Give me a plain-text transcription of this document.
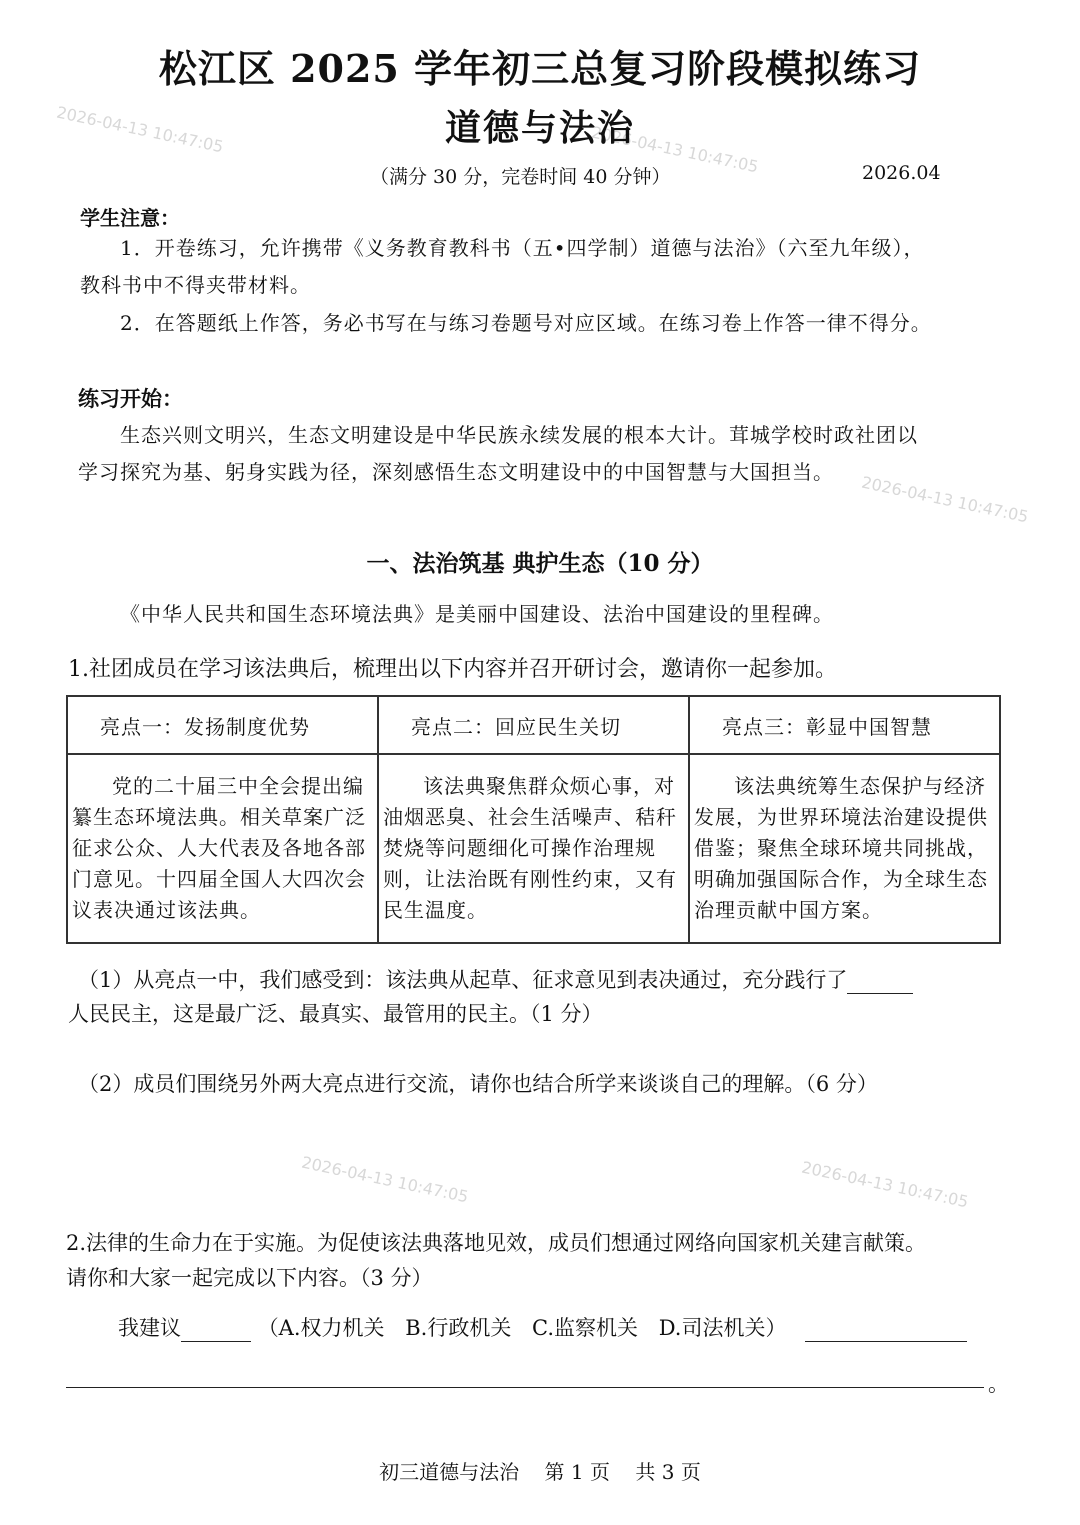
2026-04-13 10:47:05	2026-04-13 10:47:05
2026-04-13 10:47:05
2026-04-13 10:47:05	2026-04-13 10:47:05
松江区 2025 学年初三总复习阶段模拟练习
道德与法治
（满分 30 分，完卷时间 40 分钟）	2026.04
学生注意：
1．开卷练习，允许携带《义务教育教科书（五•四学制）道德与法治》（六至九年级），
教科书中不得夹带材料。
2．在答题纸上作答，务必书写在与练习卷题号对应区域。在练习卷上作答一律不得分。
练习开始：
生态兴则文明兴，生态文明建设是中华民族永续发展的根本大计。茸城学校时政社团以
学习探究为基、躬身实践为径，深刻感悟生态文明建设中的中国智慧与大国担当。
一、法治筑基 典护生态（10 分）
《中华人民共和国生态环境法典》是美丽中国建设、法治中国建设的里程碑。
1.社团成员在学习该法典后，梳理出以下内容并召开研讨会，邀请你一起参加。
亮点一：发扬制度优势	亮点二：回应民生关切	亮点三：彰显中国智慧

党的二十届三中全会提出编纂生态环境法典。相关草案广泛征求公众、人大代表及各地各部门意见。十四届全国人大四次会议表决通过该法典。	该法典聚焦群众烦心事，对油烟恶臭、社会生活噪声、秸秆焚烧等问题细化可操作治理规则，让法治既有刚性约束，又有民生温度。	该法典统筹生态保护与经济发展，为世界环境法治建设提供借鉴；聚焦全球环境共同挑战，明确加强国际合作，为全球生态治理贡献中国方案。
（1）从亮点一中，我们感受到：该法典从起草、征求意见到表决通过，充分践行了
人民民主，这是最广泛、最真实、最管用的民主。（1 分）
（2）成员们围绕另外两大亮点进行交流，请你也结合所学来谈谈自己的理解。（6 分）
2.法律的生命力在于实施。为促使该法典落地见效，成员们想通过网络向国家机关建言献策。
请你和大家一起完成以下内容。（3 分）
我建议	（A.权力机关 B.行政机关 C.监察机关 D.司法机关）
。
初三道德与法治    第 1 页    共 3 页
